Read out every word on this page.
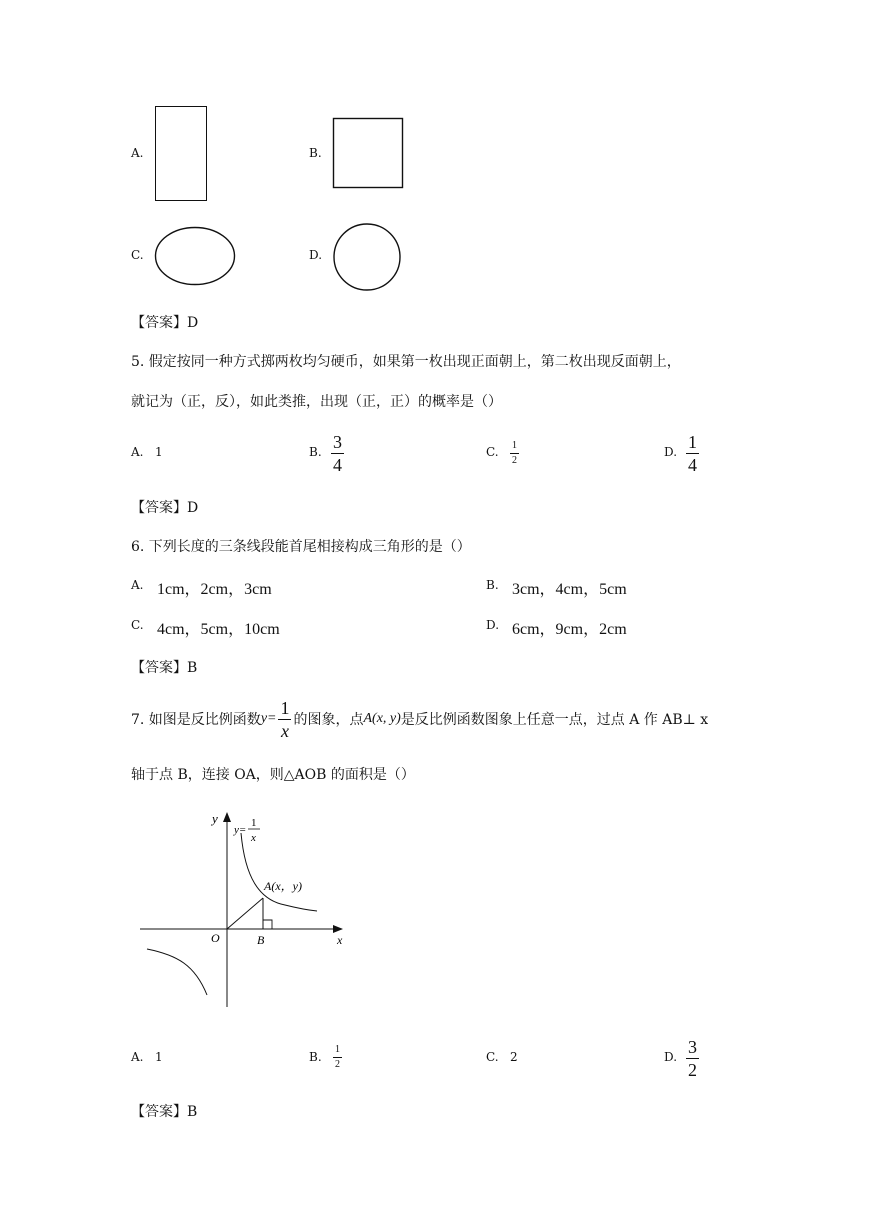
A.	B.
C.	D.
【答案】D
5. 假定按同一种方式掷两枚均匀硬币，如果第一枚出现正面朝上，第二枚出现反面朝上，
就记为（正，反），如此类推，出现（正，正）的概率是（）
A. 1	B. $\frac{3}{4}$	C. $\frac{1}{2}$	D. $\frac{1}{4}$
【答案】D
6. 下列长度的三条线段能首尾相接构成三角形的是（）
A. 1cm，2cm，3cm	B. 3cm，4cm，5cm
C. 4cm，5cm，10cm	D. 6cm，9cm，2cm
【答案】B
7. 如图是反比例函数 $y= \frac{1}{x}$ 的图象，点 A(x, y) 是反比例函数图象上任意一点，过点 A 作 AB⊥ x
轴于点 B，连接 OA，则△AOB 的面积是（）
y
x
O	B
A(x，y)
y=
1
x
A. 1	B. $\frac{1}{2}$	C. 2	D. $\frac{3}{2}$
【答案】B
